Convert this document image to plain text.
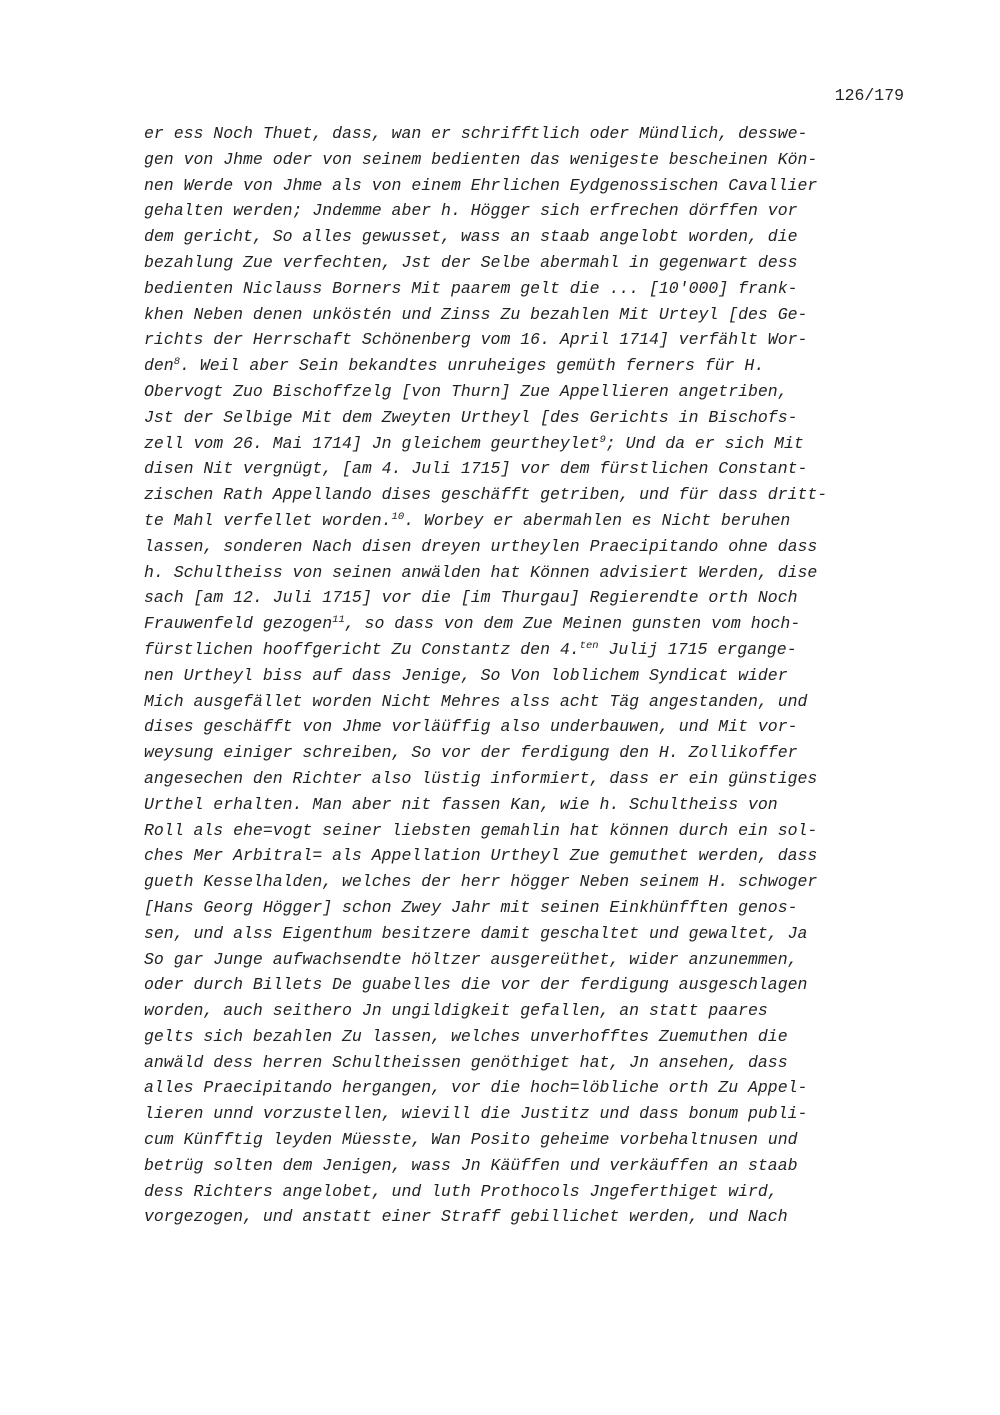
126/179

er ess Noch Thuet, dass, wan er schrifftlich oder Mündlich, desswe-
gen von Jhme oder von seinem bedienten das wenigeste bescheinen Kön-
nen Werde von Jhme als von einem Ehrlichen Eydgenossischen Cavallier
gehalten werden; Jndemme aber h. Högger sich erfrechen dörffen vor
dem gericht, So alles gewusset, wass an staab angelobt worden, die
bezahlung Zue verfechten, Jst der Selbe abermahl in gegenwart dess
bedienten Niclauss Borners Mit paarem gelt die ... [10'000] frank-
khen Neben denen unköstén und Zinss Zu bezahlen Mit Urteyl [des Ge-
richts der Herrschaft Schönenberg vom 16. April 1714] verfählt Wor-
den$^8$. Weil aber Sein bekandtes unruheiges gemüth ferners für H.
Obervogt Zuo Bischoffzelg [von Thurn] Zue Appellieren angetriben,
Jst der Selbige Mit dem Zweyten Urtheyl [des Gerichts in Bischofs-
zell vom 26. Mai 1714] Jn gleichem geurtheylet$^9$; Und da er sich Mit
disen Nit vergnügt, [am 4. Juli 1715] vor dem fürstlichen Constant-
zischen Rath Appellando dises geschäfft getriben, und für dass dritt-
te Mahl verfellet worden.$^{10}$. Worbey er abermahlen es Nicht beruhen
lassen, sonderen Nach disen dreyen urtheylen Praecipitando ohne dass
h. Schultheiss von seinen anwälden hat Können advisiert Werden, dise
sach [am 12. Juli 1715] vor die [im Thurgau] Regierendte orth Noch
Frauwenfeld gezogen$^{11}$, so dass von dem Zue Meinen gunsten vom hoch-
fürstlichen hooffgericht Zu Constantz den 4.$^{ten}$ Julij 1715 ergange-
nen Urtheyl biss auf dass Jenige, So Von loblichem Syndicat wider
Mich ausgefället worden Nicht Mehres alss acht Täg angestanden, und
dises geschäfft von Jhme vorläüffig also underbauwen, und Mit vor-
weysung einiger schreiben, So vor der ferdigung den H. Zollikoffer
angesechen den Richter also lüstig informiert, dass er ein günstiges
Urthel erhalten. Man aber nit fassen Kan, wie h. Schultheiss von
Roll als ehe=vogt seiner liebsten gemahlin hat können durch ein sol-
ches Mer Arbitral= als Appellation Urtheyl Zue gemuthet werden, dass
gueth Kesselhalden, welches der herr högger Neben seinem H. schwoger
[Hans Georg Högger] schon Zwey Jahr mit seinen Einkhünfften genos-
sen, und alss Eigenthum besitzere damit geschaltet und gewaltet, Ja
So gar Junge aufwachsendte höltzer ausgereüthet, wider anzunemmen,
oder durch Billets De guabelles die vor der ferdigung ausgeschlagen
worden, auch seithero Jn ungildigkeit gefallen, an statt paares
gelts sich bezahlen Zu lassen, welches unverhofftes Zuemuthen die
anwäld dess herren Schultheissen genöthiget hat, Jn ansehen, dass
alles Praecipitando hergangen, vor die hoch=löbliche orth Zu Appel-
lieren unnd vorzustellen, wievill die Justitz und dass bonum publi-
cum Künfftig leyden Müesste, Wan Posito geheime vorbehaltnusen und
betrüg solten dem Jenigen, wass Jn Käüffen und verkäuffen an staab
dess Richters angelobet, und luth Prothocols Jngeferthiget wird,
vorgezogen, und anstatt einer Straff gebillichet werden, und Nach
